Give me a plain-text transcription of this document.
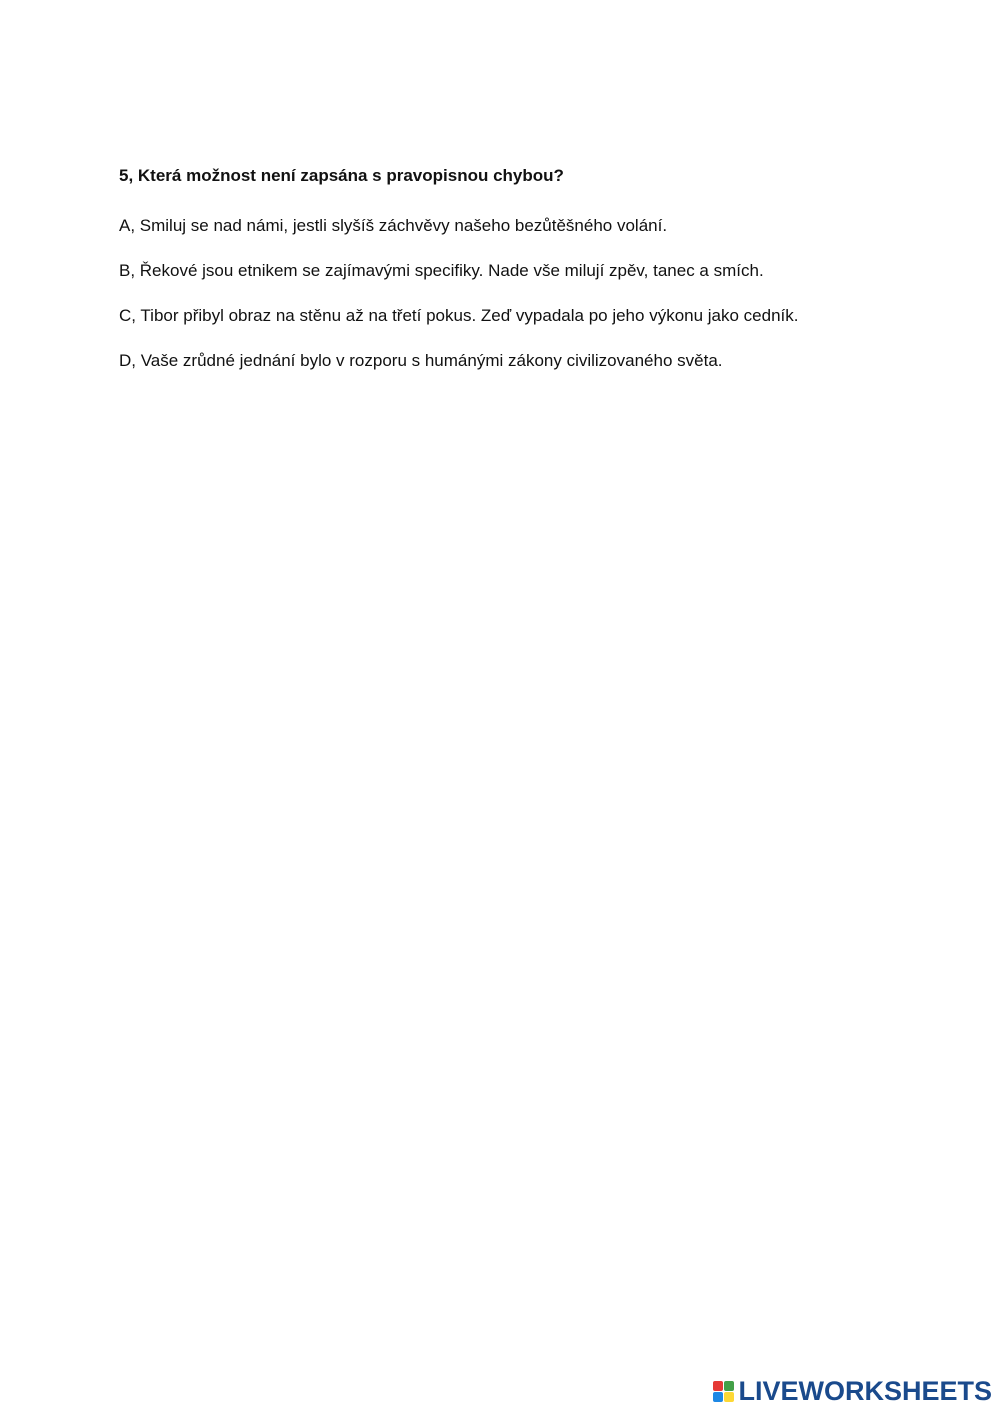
5, Která možnost není zapsána s pravopisnou chybou?

A, Smiluj se nad námi, jestli slyšíš záchvěvy našeho bezůtěšného volání.

B, Řekové jsou etnikem se zajímavými specifiky. Nade vše milují zpěv, tanec a smích.

C, Tibor přibyl obraz na stěnu až na třetí pokus. Zeď vypadala po jeho výkonu jako cedník.

D, Vaše zrůdné jednání bylo v rozporu s humánými zákony civilizovaného světa.

LIVEWORKSHEETS
